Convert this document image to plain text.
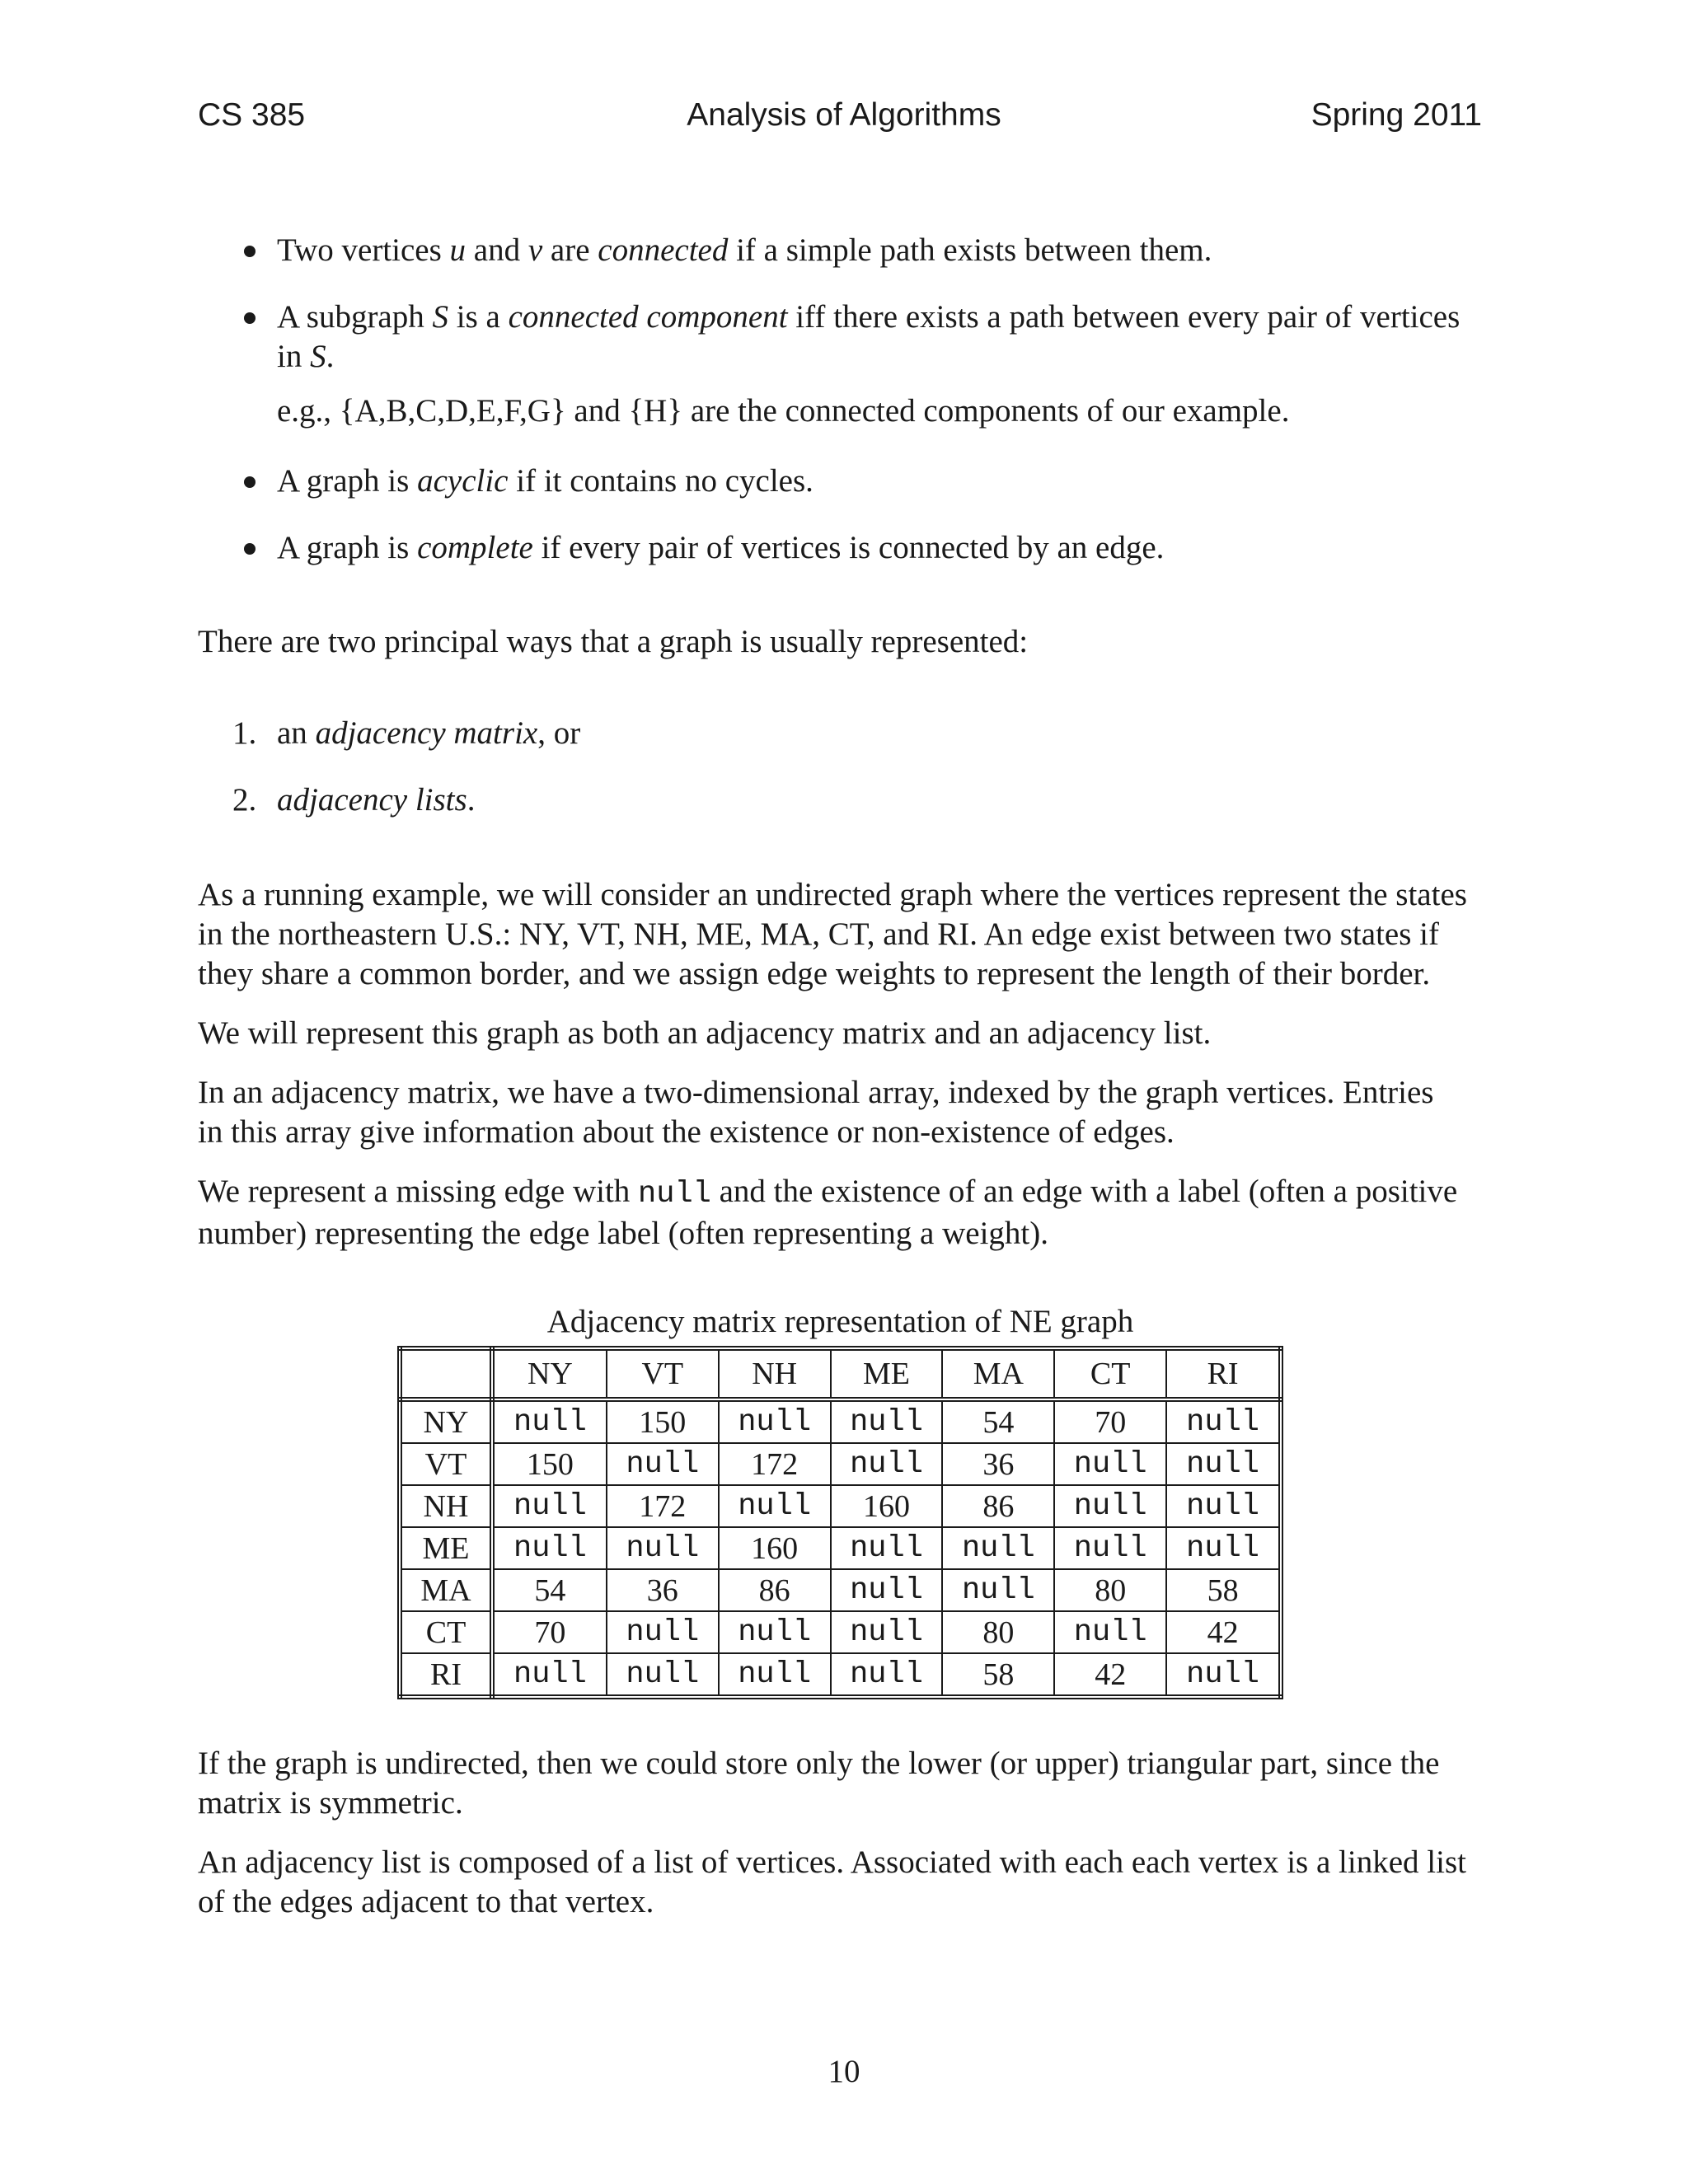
CS 385	Analysis of Algorithms	Spring 2011
Two vertices u and v are connected if a simple path exists between them.
A subgraph S is a connected component iff there exists a path between every pair of vertices
in S.
e.g., {A,B,C,D,E,F,G} and {H} are the connected components of our example.
A graph is acyclic if it contains no cycles.
A graph is complete if every pair of vertices is connected by an edge.
There are two principal ways that a graph is usually represented:
1. an adjacency matrix, or
2. adjacency lists.
As a running example, we will consider an undirected graph where the vertices represent the states
in the northeastern U.S.: NY, VT, NH, ME, MA, CT, and RI. An edge exist between two states if
they share a common border, and we assign edge weights to represent the length of their border.
We will represent this graph as both an adjacency matrix and an adjacency list.
In an adjacency matrix, we have a two-dimensional array, indexed by the graph vertices. Entries
in this array give information about the existence or non-existence of edges.
We represent a missing edge with null and the existence of an edge with a label (often a positive
number) representing the edge label (often representing a weight).
Adjacency matrix representation of NE graph
	NY	VT	NH	ME	MA	CT	RI
NY	null	150	null	null	54	70	null
VT	150	null	172	null	36	null	null
NH	null	172	null	160	86	null	null
ME	null	null	160	null	null	null	null
MA	54	36	86	null	null	80	58
CT	70	null	null	null	80	null	42
RI	null	null	null	null	58	42	null
If the graph is undirected, then we could store only the lower (or upper) triangular part, since the
matrix is symmetric.
An adjacency list is composed of a list of vertices. Associated with each each vertex is a linked list
of the edges adjacent to that vertex.
10
